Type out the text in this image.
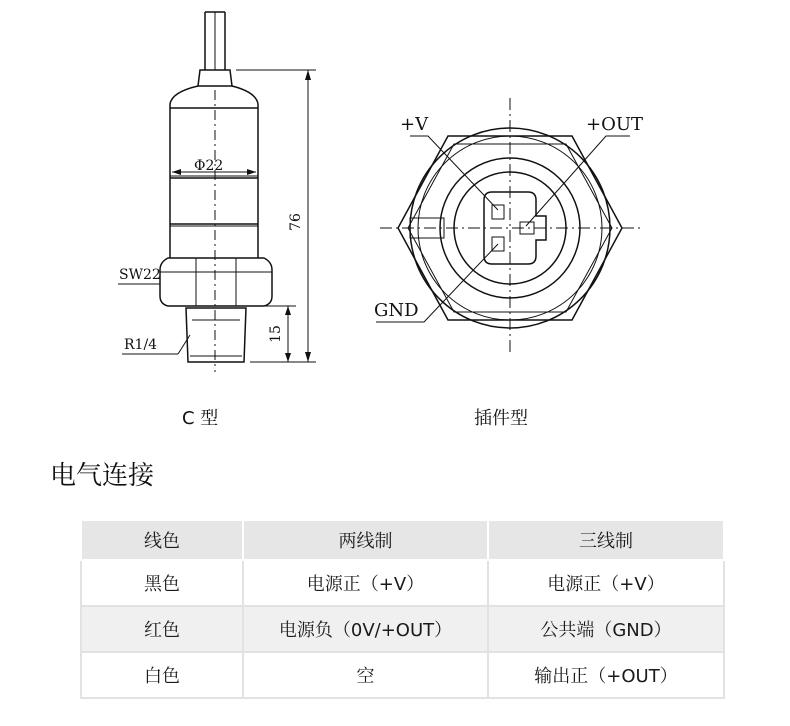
Φ22
SW22
R1/4
76
15
+V	+OUT
GND
C 型	插件型
电气连接
线色	两线制	三线制
黑色	电源正（+V）	电源正（+V）
红色	电源负（0V/+OUT）	公共端（GND）
白色	空	输出正（+OUT）
